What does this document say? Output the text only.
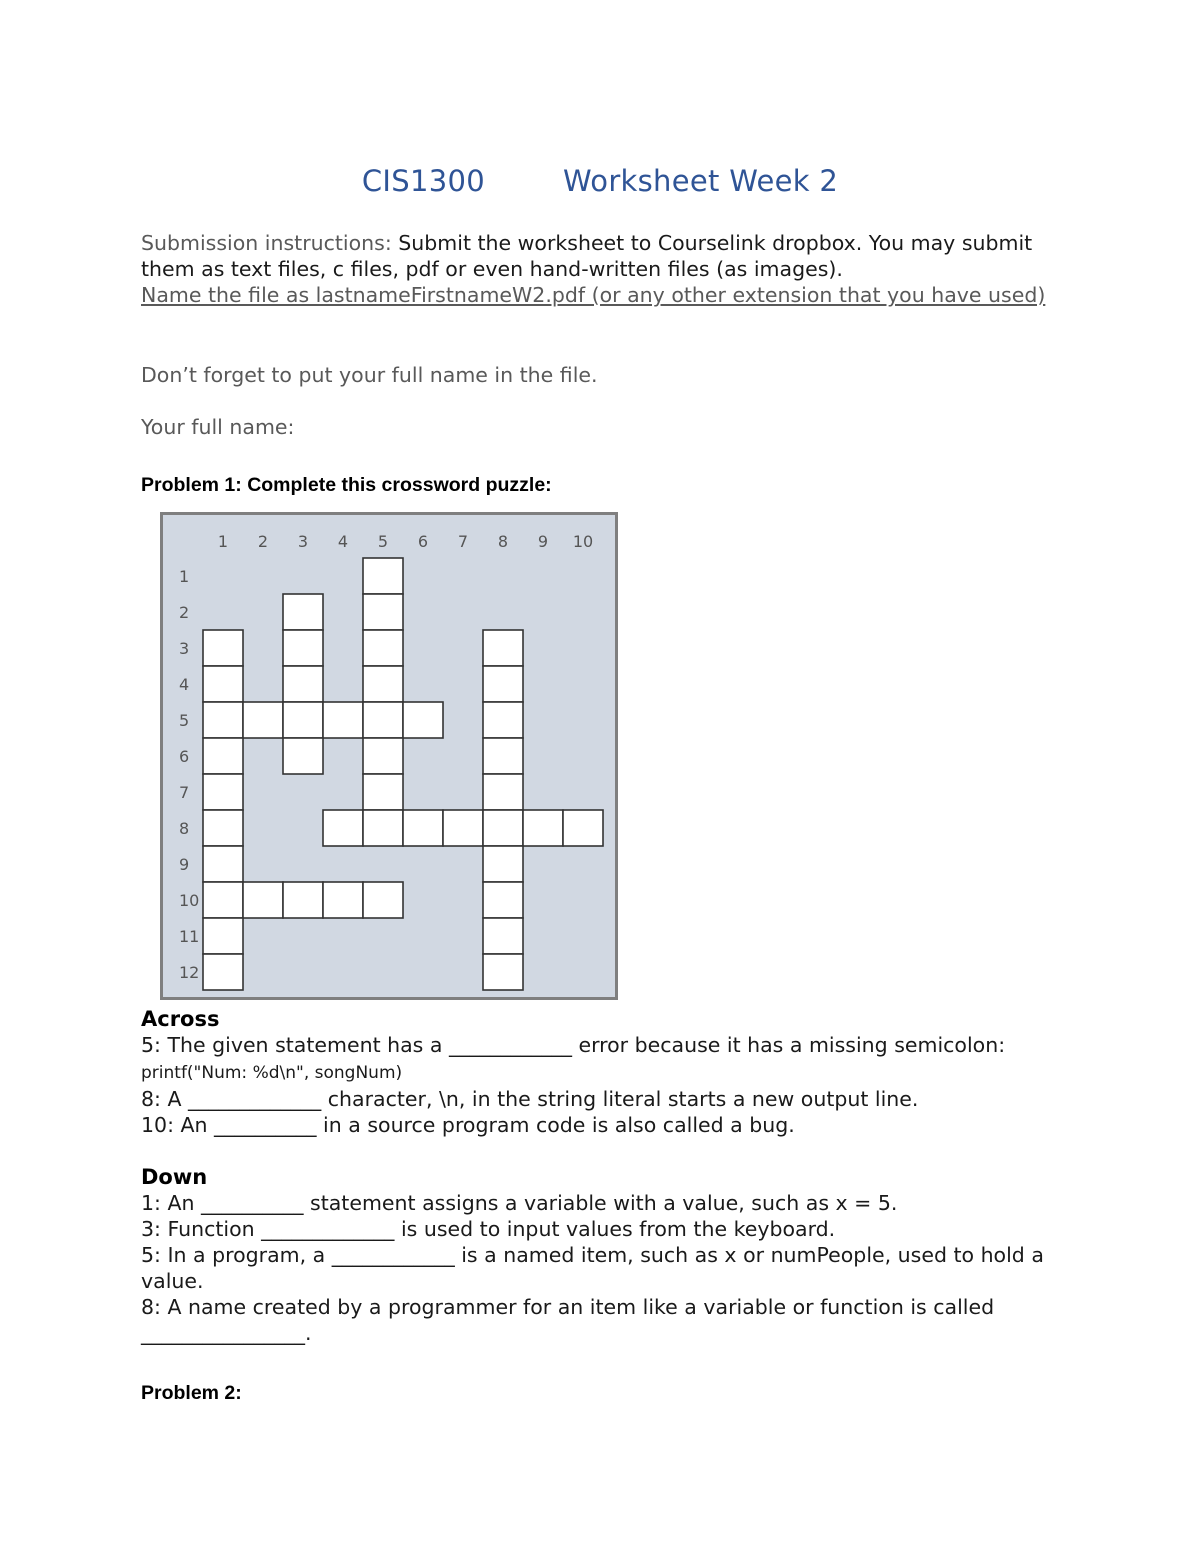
CIS1300	Worksheet Week 2
Submission instructions: Submit the worksheet to Courselink dropbox. You may submit them as text files, c files, pdf or even hand-written files (as images).
Name the file as lastnameFirstnameW2.pdf (or any other extension that you have used)
Don’t forget to put your full name in the file.
Your full name:
Problem 1: Complete this crossword puzzle:
1 2 3 4 5 6 7 8 9 10
1
2
3
4
5
6
7
8
9
10
11
12
Across
5: The given statement has a ____________ error because it has a missing semicolon: printf("Num: %d\n", songNum)
8: A _____________ character, \n, in the string literal starts a new output line.
10: An __________ in a source program code is also called a bug.
Down
1: An __________ statement assigns a variable with a value, such as x = 5.
3: Function _____________ is used to input values from the keyboard.
5: In a program, a ____________ is a named item, such as x or numPeople, used to hold a value.
8: A name created by a programmer for an item like a variable or function is called ________________.
Problem 2:
